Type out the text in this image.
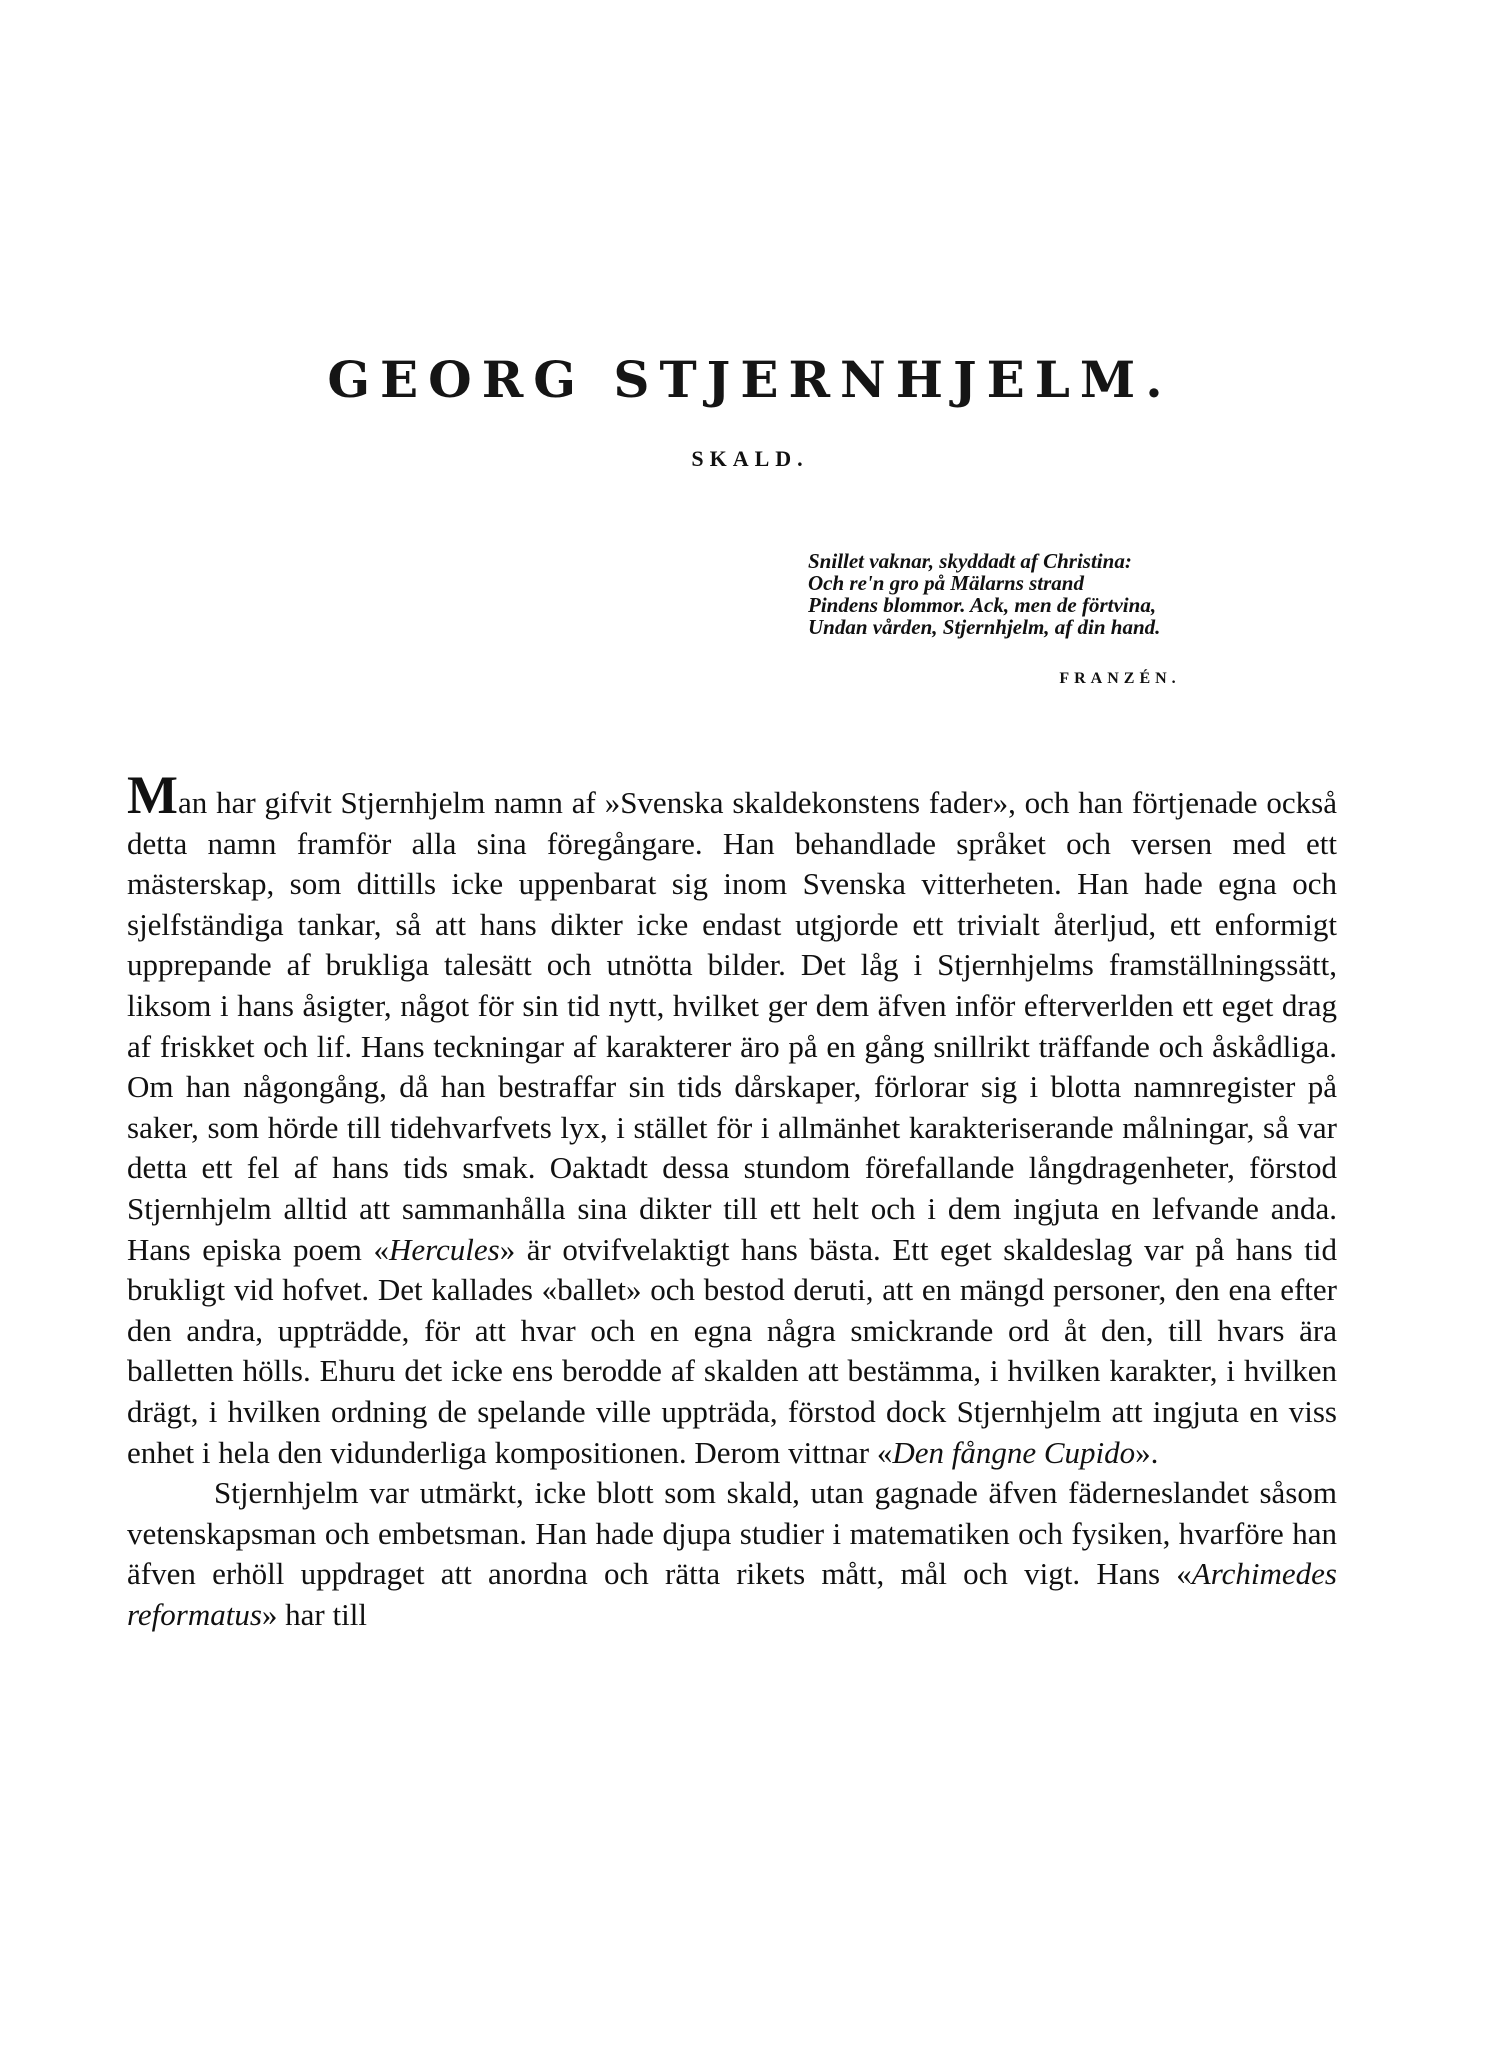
GEORG STJERNHJELM.
SKALD.
Snillet vaknar, skyddadt af Christina:
Och re'n gro på Mälarns strand
Pindens blommor. Ack, men de förtvina,
Undan vården, Stjernhjelm, af din hand.
FRANZÉN.

Man har gifvit Stjernhjelm namn af »Svenska skaldekonstens fader», och han förtjenade också detta namn framför alla sina föregångare. Han behandlade språket och versen med ett mästerskap, som dittills icke uppenbarat sig inom Svenska vitterheten. Han hade egna och sjelfständiga tankar, så att hans dikter icke endast utgjorde ett trivialt återljud, ett enformigt upprepande af brukliga talesätt och utnötta bilder. Det låg i Stjernhjelms framställningssätt, liksom i hans åsigter, något för sin tid nytt, hvilket ger dem äfven inför efterverlden ett eget drag af friskket och lif. Hans teckningar af karakterer äro på en gång snillrikt träffande och åskådliga. Om han någongång, då han bestraffar sin tids dårskaper, förlorar sig i blotta namnregister på saker, som hörde till tidehvarfvets lyx, i stället för i allmänhet karakteriserande målningar, så var detta ett fel af hans tids smak. Oaktadt dessa stundom förefallande långdragenheter, förstod Stjernhjelm alltid att sammanhålla sina dikter till ett helt och i dem ingjuta en lefvande anda. Hans episka poem «Hercules» är otvifvelaktigt hans bästa. Ett eget skaldeslag var på hans tid brukligt vid hofvet. Det kallades «ballet» och bestod deruti, att en mängd personer, den ena efter den andra, uppträdde, för att hvar och en egna några smickrande ord åt den, till hvars ära balletten hölls. Ehuru det icke ens berodde af skalden att bestämma, i hvilken karakter, i hvilken drägt, i hvilken ordning de spelande ville uppträda, förstod dock Stjernhjelm att ingjuta en viss enhet i hela den vidunderliga kompositionen. Derom vittnar «Den fångne Cupido».

Stjernhjelm var utmärkt, icke blott som skald, utan gagnade äfven fäderneslandet såsom vetenskapsman och embetsman. Han hade djupa studier i matematiken och fysiken, hvarföre han äfven erhöll uppdraget att anordna och rätta rikets mått, mål och vigt. Hans «Archimedes reformatus» har till
